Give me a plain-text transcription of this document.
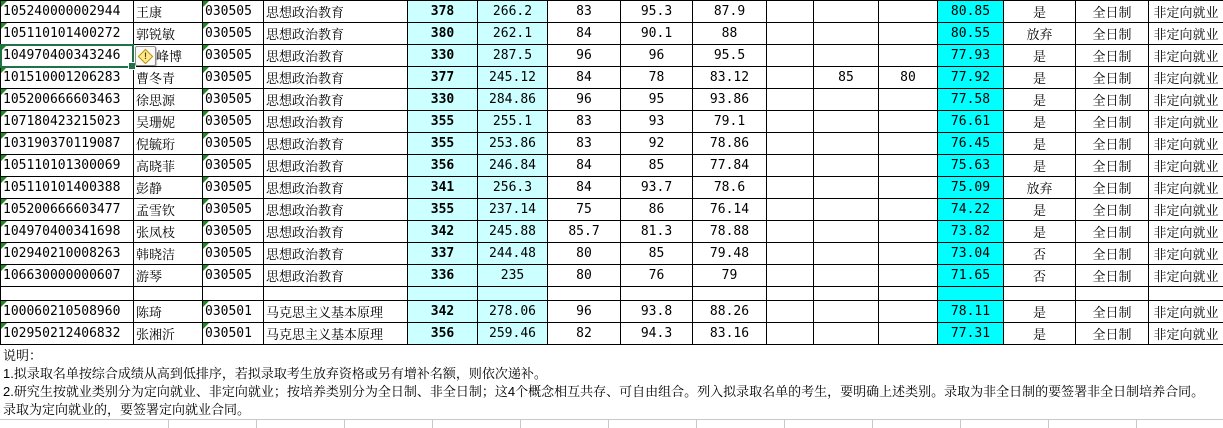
105240000002944	王康	030505	思想政治教育	378	266.2	83	95.3	87.9				80.85	是	全日制	非定向就业

105110101400272	郭锐敏	030505	思想政治教育	380	262.1	84	90.1	88				80.55	放弃	全日制	非定向就业

104970400343246	峰博	030505	思想政治教育	330	287.5	96	96	95.5				77.93	是	全日制	非定向就业

101510001206283	曹冬青	030505	思想政治教育	377	245.12	84	78	83.12		85	80	77.92	是	全日制	非定向就业

105200666603463	徐思源	030505	思想政治教育	330	284.86	96	95	93.86				77.58	是	全日制	非定向就业

107180423215023	吴珊妮	030505	思想政治教育	355	255.1	83	93	79.1				76.61	是	全日制	非定向就业

103190370119087	倪毓珩	030505	思想政治教育	355	253.86	83	92	78.86				76.45	是	全日制	非定向就业

105110101300069	高晓菲	030505	思想政治教育	356	246.84	84	85	77.84				75.63	是	全日制	非定向就业

105110101400388	彭静	030505	思想政治教育	341	256.3	84	93.7	78.6				75.09	放弃	全日制	非定向就业

105200666603477	孟雪钦	030505	思想政治教育	355	237.14	75	86	76.14				74.22	是	全日制	非定向就业

104970400341698	张凤枝	030505	思想政治教育	342	245.88	85.7	81.3	78.88				73.82	是	全日制	非定向就业

102940210008263	韩晓洁	030505	思想政治教育	337	244.48	80	85	79.48				73.04	否	全日制	非定向就业

106630000000607	游琴	030505	思想政治教育	336	235	80	76	79				71.65	否	全日制	非定向就业

100060210508960	陈琦	030501	马克思主义基本原理	342	278.06	96	93.8	88.26				78.11	是	全日制	非定向就业

102950212406832	张湘沂	030501	马克思主义基本原理	356	259.46	82	94.3	83.16				77.31	是	全日制	非定向就业
!
说明：
1.拟录取名单按综合成绩从高到低排序，若拟录取考生放弃资格或另有增补名额，则依次递补。
2.研究生按就业类别分为定向就业、非定向就业；按培养类别分为全日制、非全日制；这4个概念相互共存、可自由组合。列入拟录取名单的考生，要明确上述类别。录取为非全日制的要签署非全日制培养合同。
录取为定向就业的，要签署定向就业合同。
